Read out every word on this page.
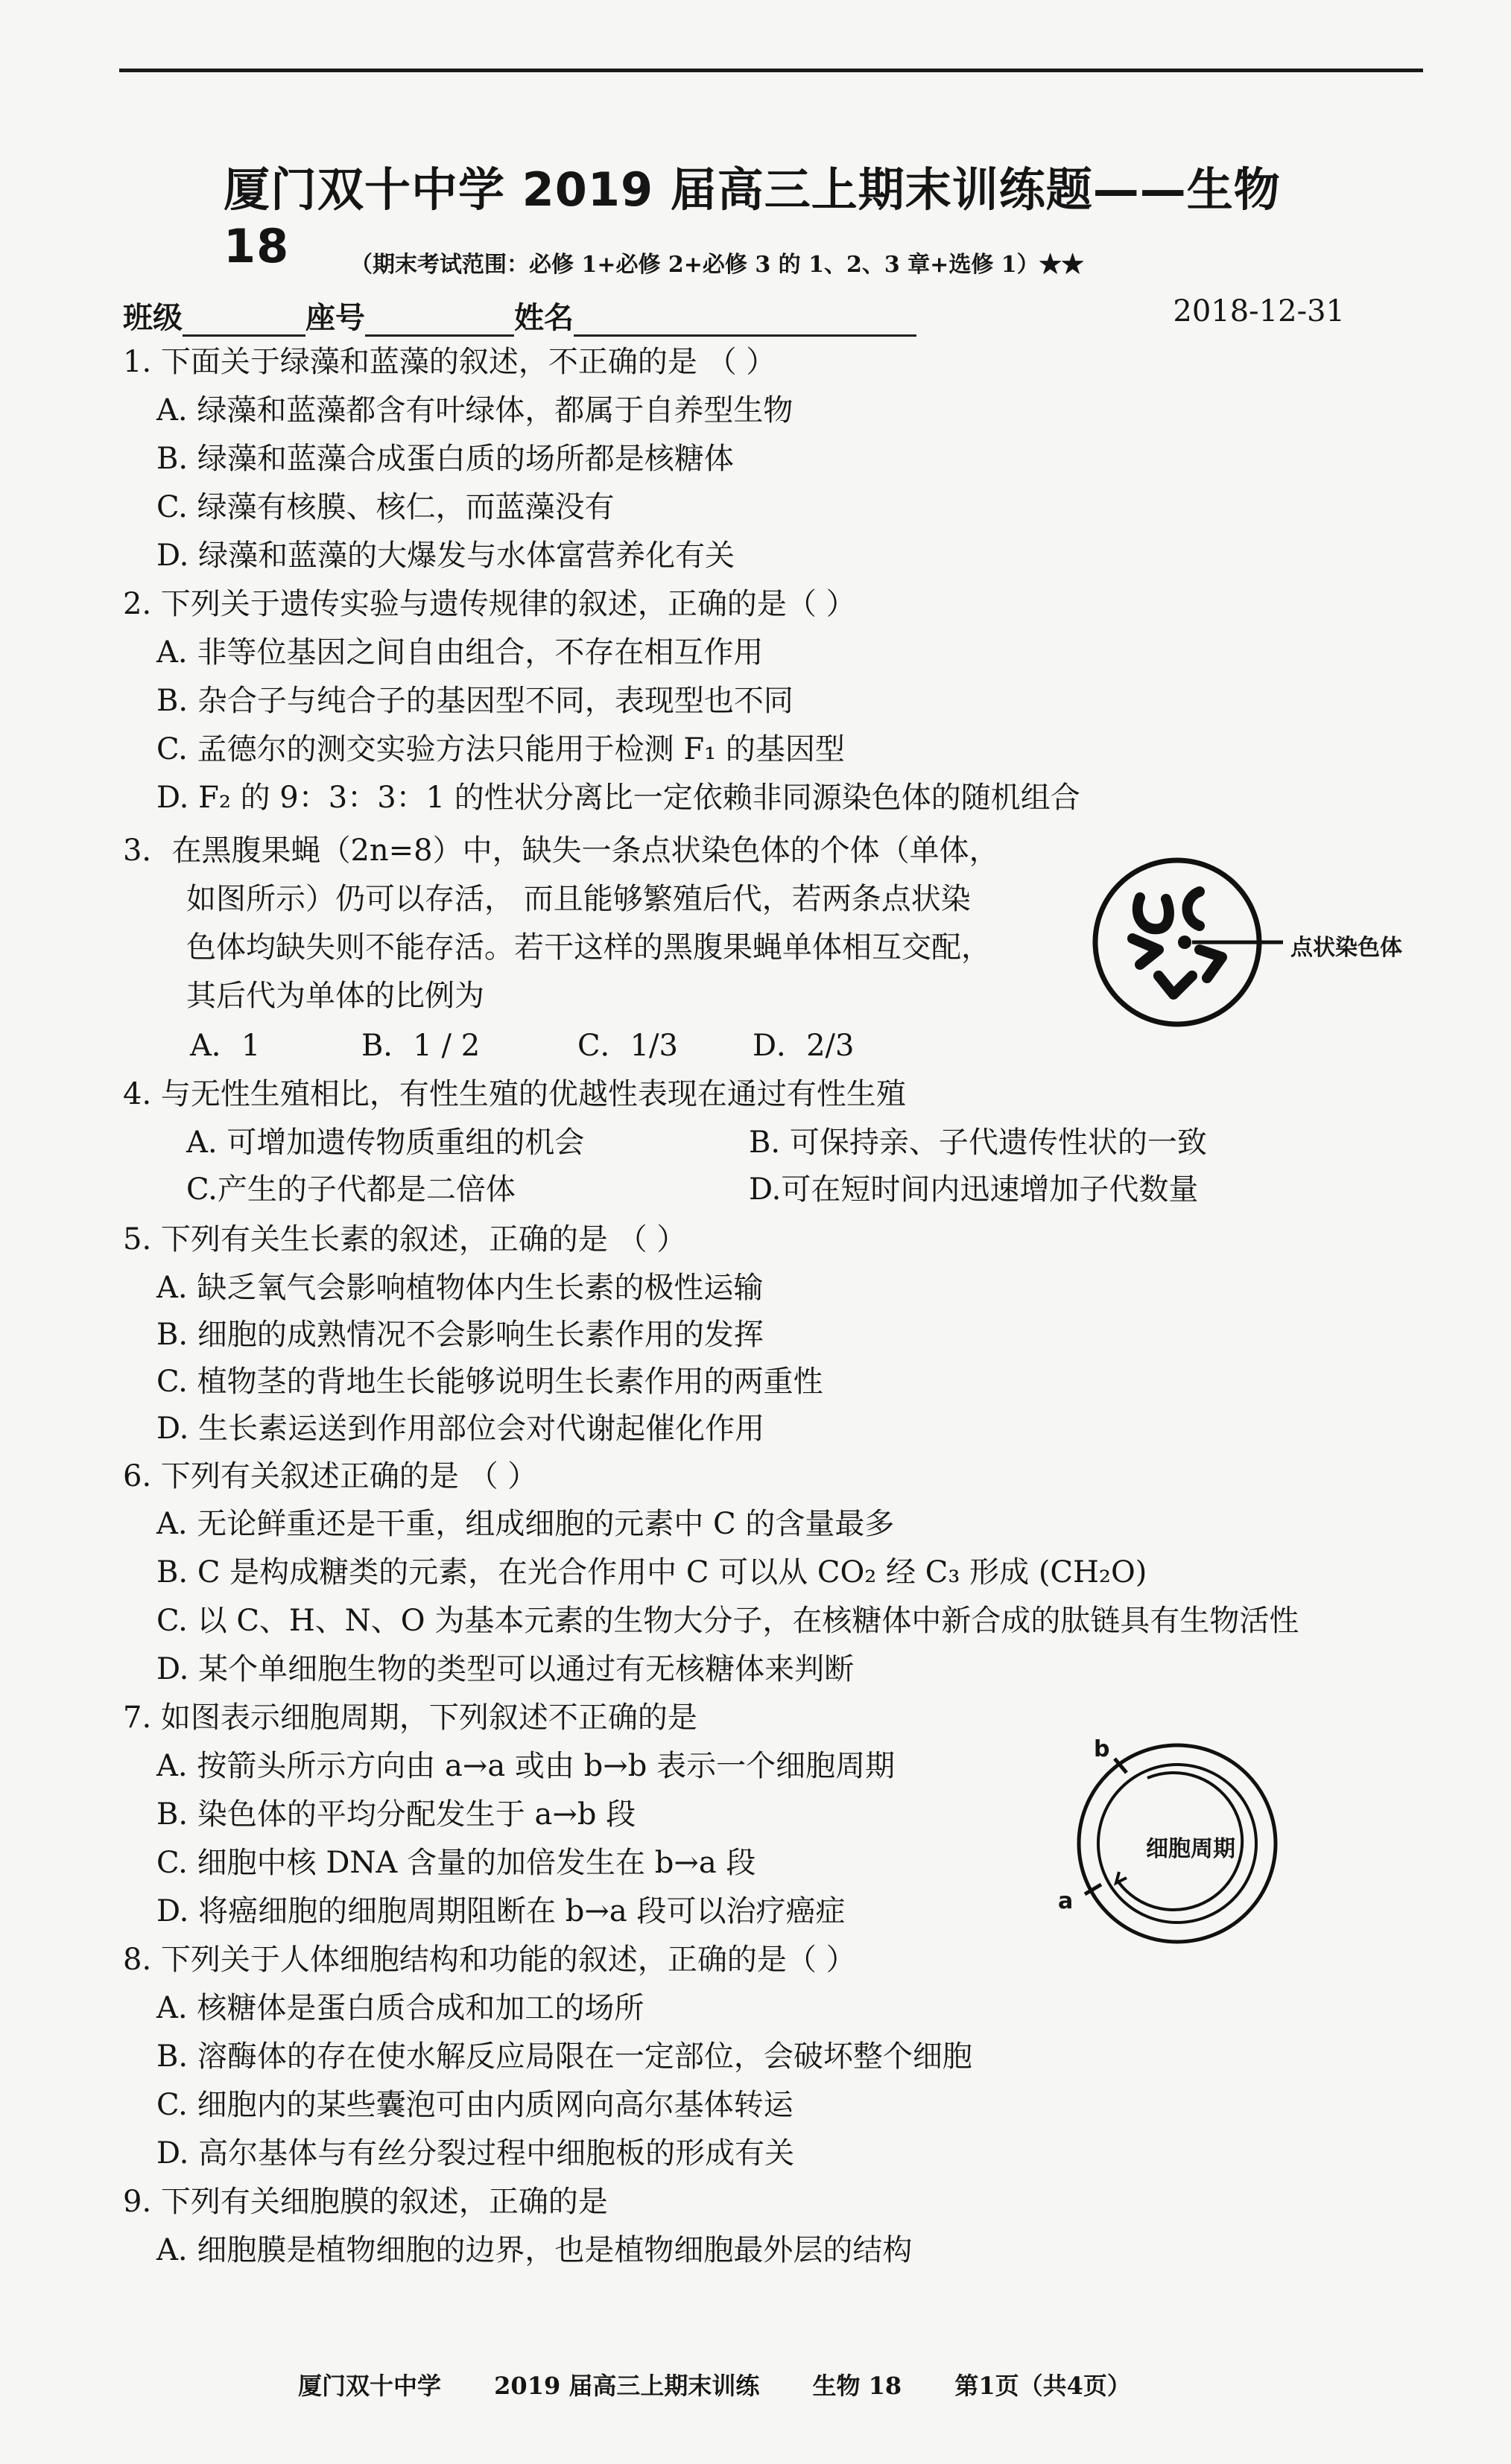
厦门双十中学 2019 届高三上期末训练题——生物 18	（期末考试范围：必修 1+必修 2+必修 3 的 1、2、3 章+选修 1）★★
班级	座号	姓名	2018-12-31
1. 下面关于绿藻和蓝藻的叙述，不正确的是 （ ）
A. 绿藻和蓝藻都含有叶绿体，都属于自养型生物
B. 绿藻和蓝藻合成蛋白质的场所都是核糖体
C. 绿藻有核膜、核仁，而蓝藻没有
D. 绿藻和蓝藻的大爆发与水体富营养化有关
2. 下列关于遗传实验与遗传规律的叙述，正确的是（ ）
A. 非等位基因之间自由组合，不存在相互作用
B. 杂合子与纯合子的基因型不同，表现型也不同
C. 孟德尔的测交实验方法只能用于检测 F₁ 的基因型
D. F₂ 的 9：3：3：1 的性状分离比一定依赖非同源染色体的随机组合
3．在黑腹果蝇（2n=8）中，缺失一条点状染色体的个体（单体，
如图所示）仍可以存活， 而且能够繁殖后代，若两条点状染
色体均缺失则不能存活。若干这样的黑腹果蝇单体相互交配，
其后代为单体的比例为
A．1	B．1 / 2	C．1/3	D．2/3
点状染色体
4. 与无性生殖相比，有性生殖的优越性表现在通过有性生殖
A. 可增加遗传物质重组的机会	B. 可保持亲、子代遗传性状的一致
C.产生的子代都是二倍体	D.可在短时间内迅速增加子代数量
5. 下列有关生长素的叙述，正确的是 （ ）
A. 缺乏氧气会影响植物体内生长素的极性运输
B. 细胞的成熟情况不会影响生长素作用的发挥
C. 植物茎的背地生长能够说明生长素作用的两重性
D. 生长素运送到作用部位会对代谢起催化作用
6. 下列有关叙述正确的是 （ ）
A. 无论鲜重还是干重，组成细胞的元素中 C 的含量最多
B. C 是构成糖类的元素，在光合作用中 C 可以从 CO₂ 经 C₃ 形成 (CH₂O)
C. 以 C、H、N、O 为基本元素的生物大分子，在核糖体中新合成的肽链具有生物活性
D. 某个单细胞生物的类型可以通过有无核糖体来判断
7. 如图表示细胞周期，下列叙述不正确的是
A. 按箭头所示方向由 a→a 或由 b→b 表示一个细胞周期
B. 染色体的平均分配发生于 a→b 段
C. 细胞中核 DNA 含量的加倍发生在 b→a 段
D. 将癌细胞的细胞周期阻断在 b→a 段可以治疗癌症
细胞周期
b
a
8. 下列关于人体细胞结构和功能的叙述，正确的是（ ）
A. 核糖体是蛋白质合成和加工的场所
B. 溶酶体的存在使水解反应局限在一定部位，会破坏整个细胞
C. 细胞内的某些囊泡可由内质网向高尔基体转运
D. 高尔基体与有丝分裂过程中细胞板的形成有关
9. 下列有关细胞膜的叙述，正确的是
A. 细胞膜是植物细胞的边界，也是植物细胞最外层的结构
厦门双十中学 2019 届高三上期末训练 生物 18 第1页（共4页）
